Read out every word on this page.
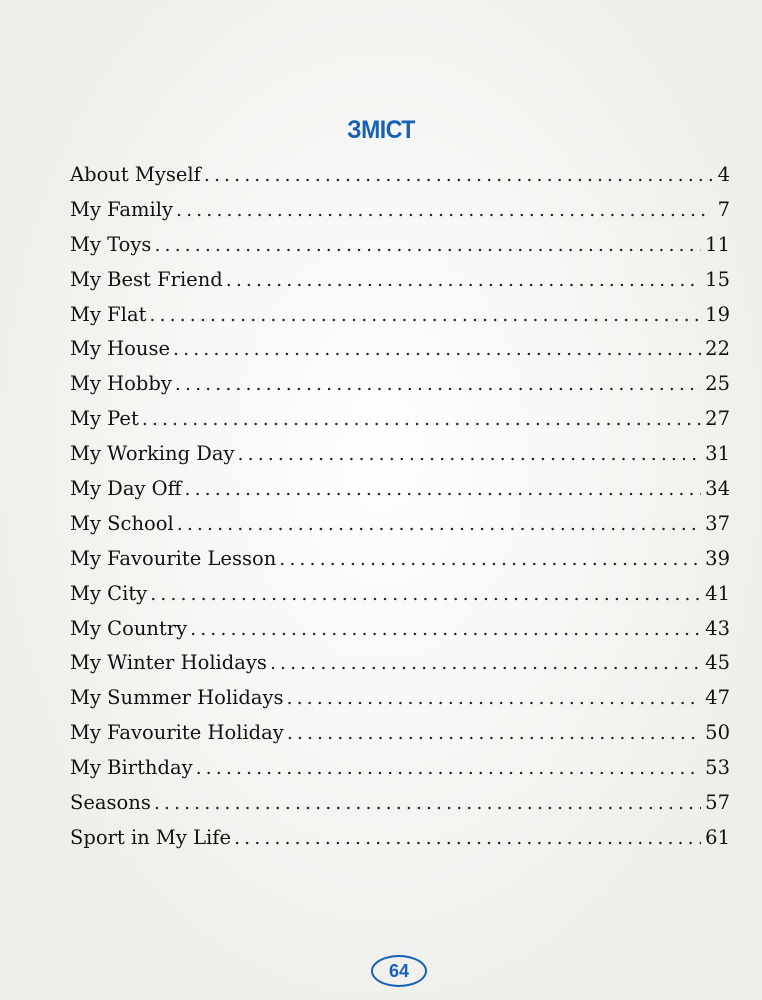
ЗМІСТ
About Myself . . .	4
My Family . . .	7
My Toys . . .	11
My Best Friend . . .	15
My Flat . . .	19
My House . . .	22
My Hobby . . .	25
My Pet . . .	27
My Working Day . . .	31
My Day Off . . .	34
My School . . .	37
My Favourite Lesson . . .	39
My City . . .	41
My Country . . .	43
My Winter Holidays . . .	45
My Summer Holidays . . .	47
My Favourite Holiday . . .	50
My Birthday . . .	53
Seasons . . .	57
Sport in My Life . . .	61
64
